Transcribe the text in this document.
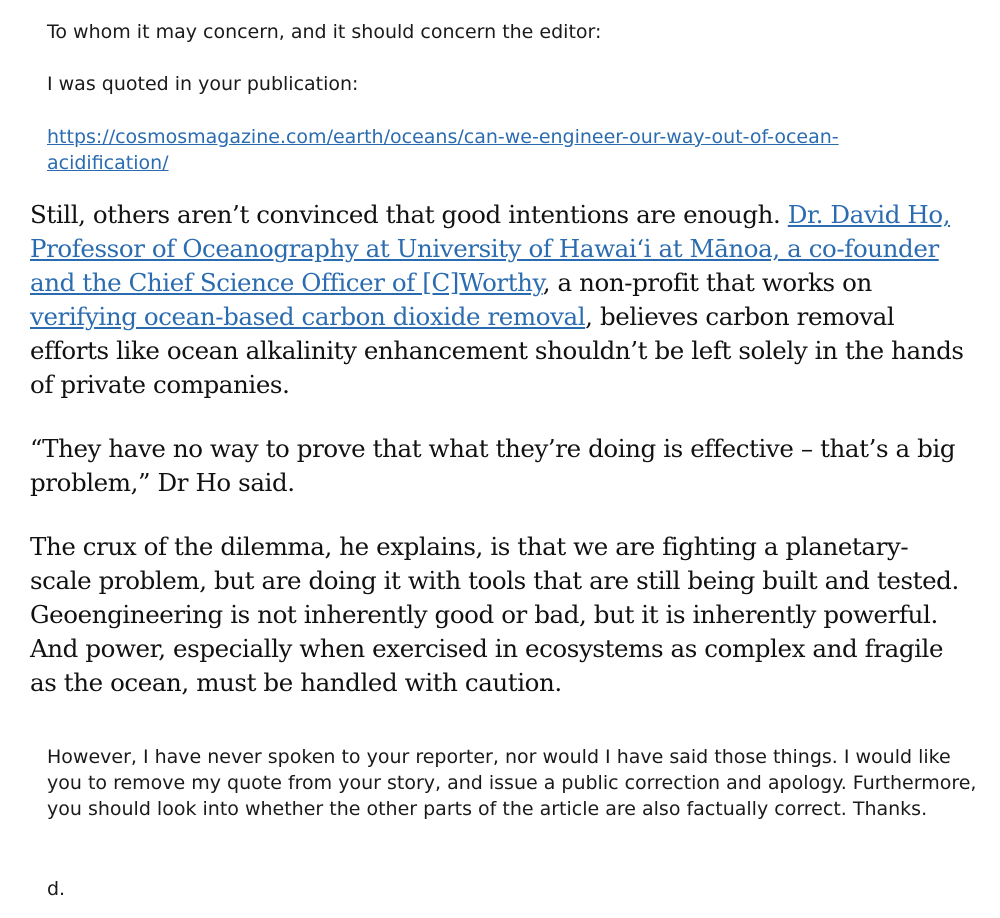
To whom it may concern, and it should concern the editor:

I was quoted in your publication:

https://cosmosmagazine.com/earth/oceans/can-we-engineer-our-way-out-of-ocean-acidification/

Still, others aren’t convinced that good intentions are enough. Dr. David Ho, Professor of Oceanography at University of Hawaiʻi at Mānoa, a co-founder and the Chief Science Officer of [C]Worthy, a non-profit that works on verifying ocean-based carbon dioxide removal, believes carbon removal efforts like ocean alkalinity enhancement shouldn’t be left solely in the hands of private companies.

“They have no way to prove that what they’re doing is effective – that’s a big problem,” Dr Ho said.

The crux of the dilemma, he explains, is that we are fighting a planetary-scale problem, but are doing it with tools that are still being built and tested. Geoengineering is not inherently good or bad, but it is inherently powerful. And power, especially when exercised in ecosystems as complex and fragile as the ocean, must be handled with caution.

However, I have never spoken to your reporter, nor would I have said those things. I would like you to remove my quote from your story, and issue a public correction and apology. Furthermore, you should look into whether the other parts of the article are also factually correct. Thanks.

d.
